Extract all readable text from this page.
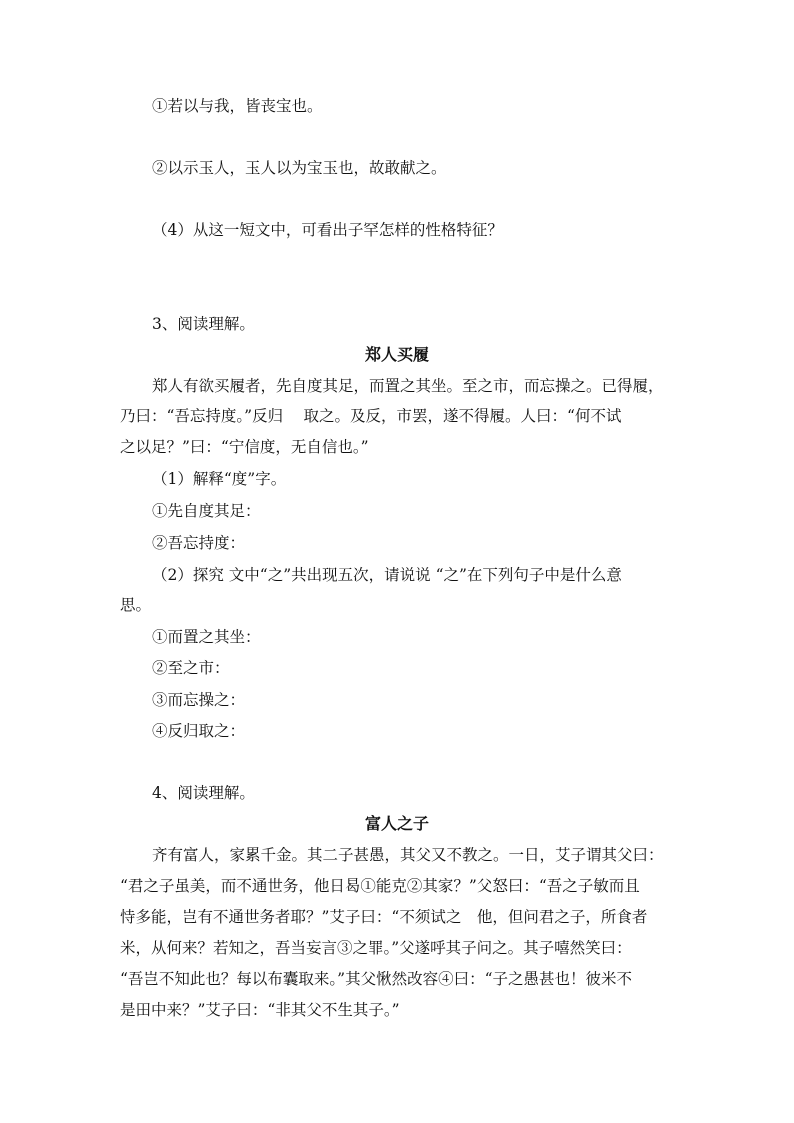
①若以与我，皆丧宝也。
②以示玉人，玉人以为宝玉也，故敢献之。
（4）从这一短文中，可看出子罕怎样的性格特征？
3、阅读理解。
郑人买履
郑人有欲买履者，先自度其足，而置之其坐。至之市，而忘操之。已得履，
乃曰：“吾忘持度。”反归　 取之。及反，市罢，遂不得履。人曰：“何不试
之以足？”曰：“宁信度，无自信也。”
（1）解释“度”字。
①先自度其足：
②吾忘持度：
（2）探究 文中“之”共出现五次，请说说 “之”在下列句子中是什么意
思。
①而置之其坐：
②至之市：
③而忘操之：
④反归取之：
4、阅读理解。
富人之子
齐有富人，家累千金。其二子甚愚，其父又不教之。一日，艾子谓其父曰：
“君之子虽美，而不通世务，他日曷①能克②其家？”父怒曰：“吾之子敏而且
恃多能，岂有不通世务者耶？”艾子曰：“不须试之　他，但问君之子，所食者
米，从何来？若知之，吾当妄言③之罪。”父遂呼其子问之。其子嘻然笑曰：
“吾岂不知此也？每以布囊取来。”其父愀然改容④曰：“子之愚甚也！彼米不
是田中来？”艾子曰：“非其父不生其子。”
